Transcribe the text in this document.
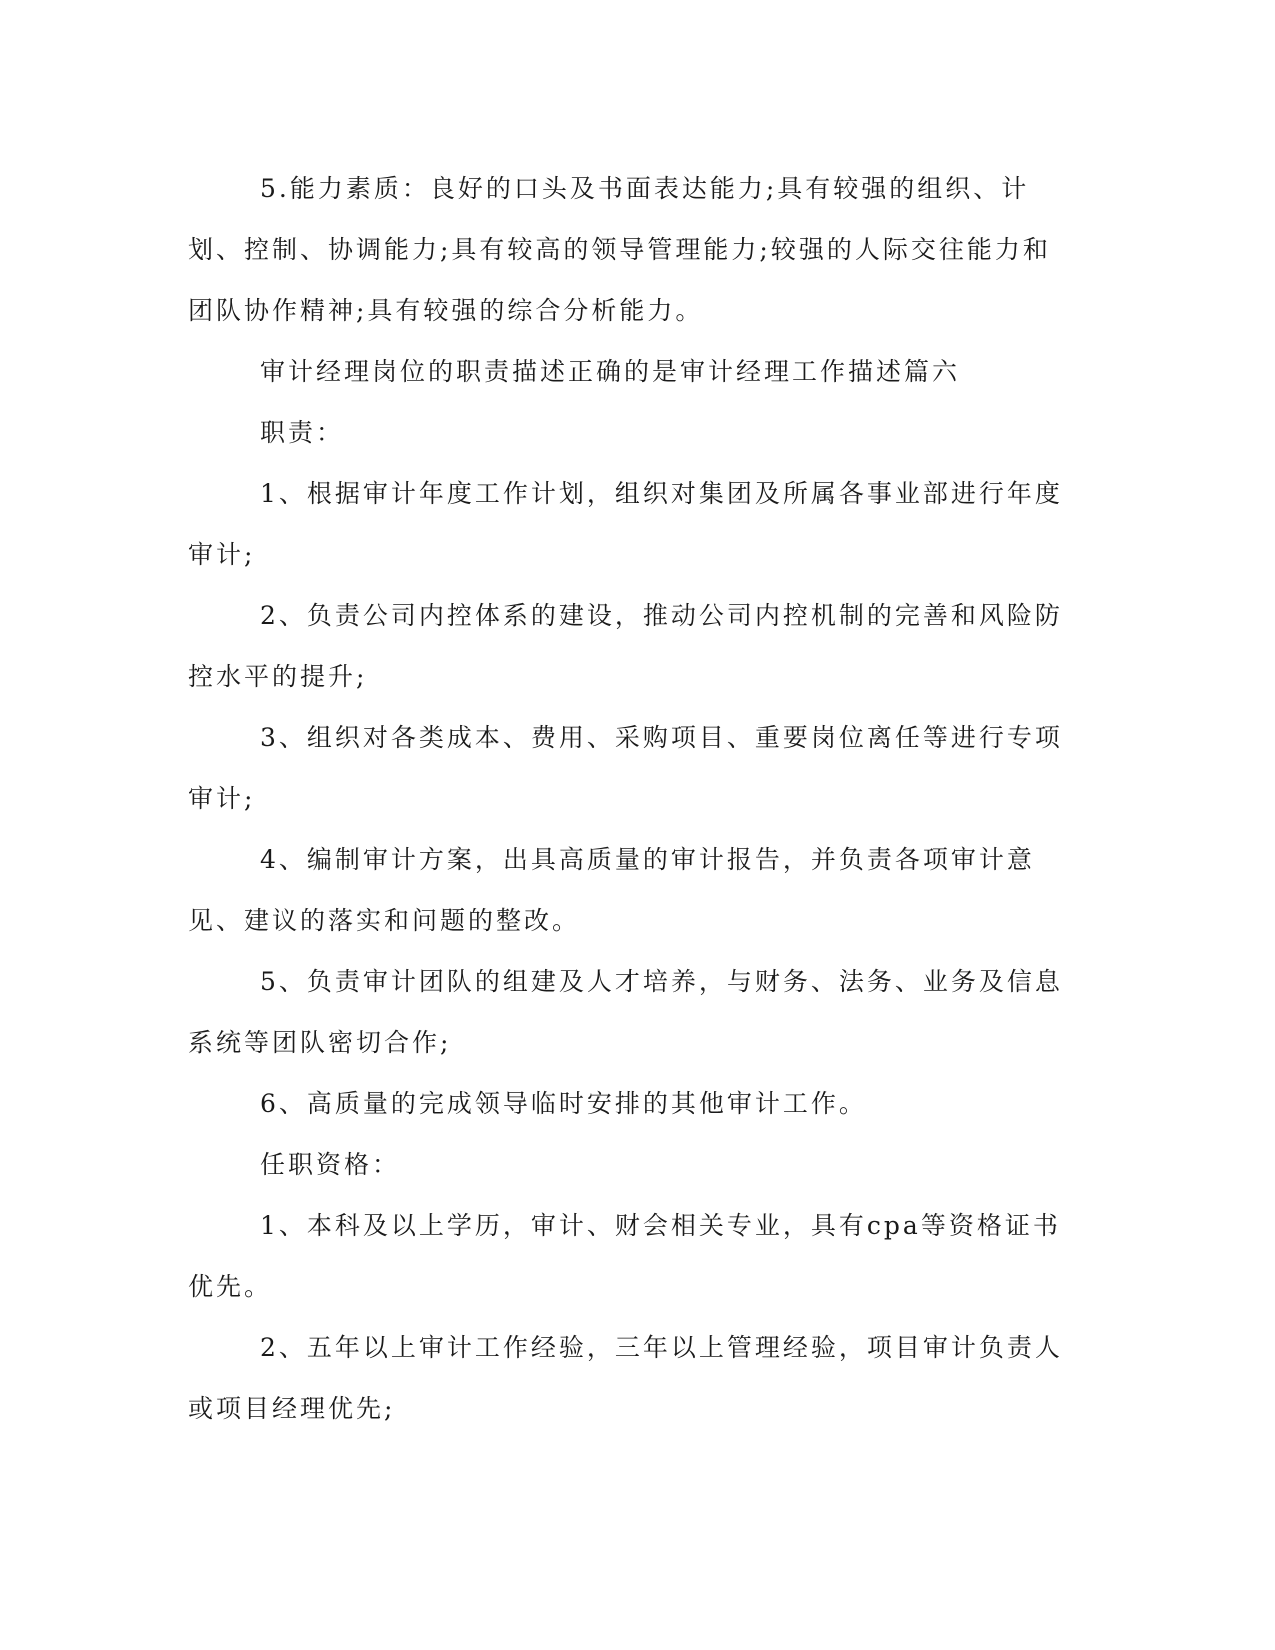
5.能力素质：良好的口头及书面表达能力;具有较强的组织、计划、控制、协调能力;具有较高的领导管理能力;较强的人际交往能力和团队协作精神;具有较强的综合分析能力。

审计经理岗位的职责描述正确的是审计经理工作描述篇六

职责：

1、根据审计年度工作计划，组织对集团及所属各事业部进行年度审计;

2、负责公司内控体系的建设，推动公司内控机制的完善和风险防控水平的提升;

3、组织对各类成本、费用、采购项目、重要岗位离任等进行专项审计;

4、编制审计方案，出具高质量的审计报告，并负责各项审计意见、建议的落实和问题的整改。

5、负责审计团队的组建及人才培养，与财务、法务、业务及信息系统等团队密切合作;

6、高质量的完成领导临时安排的其他审计工作。

任职资格：

1、本科及以上学历，审计、财会相关专业，具有cpa等资格证书优先。

2、五年以上审计工作经验，三年以上管理经验，项目审计负责人或项目经理优先;
